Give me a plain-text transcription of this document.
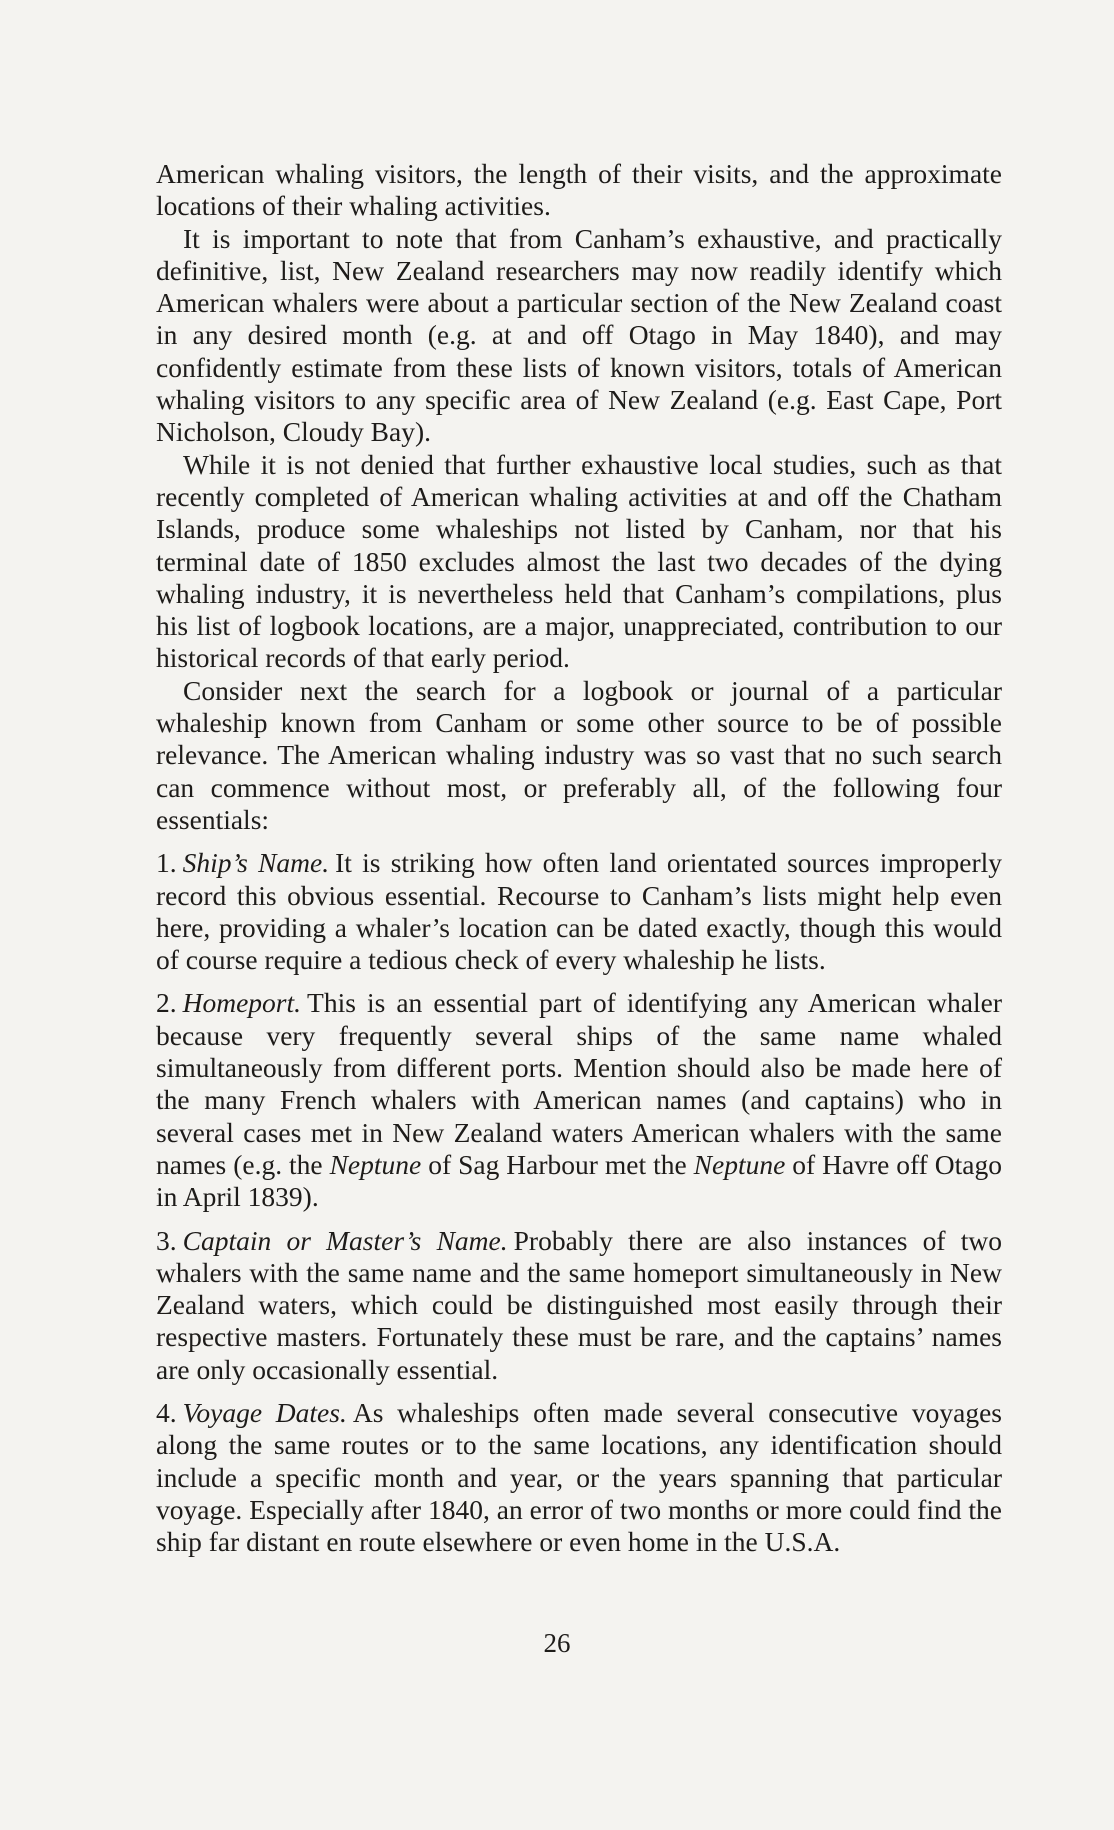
American whaling visitors, the length of their visits, and the approximate locations of their whaling activities.

It is important to note that from Canham’s exhaustive, and practically definitive, list, New Zealand researchers may now readily identify which American whalers were about a particular section of the New Zealand coast in any desired month (e.g. at and off Otago in May 1840), and may confidently estimate from these lists of known visitors, totals of American whaling visitors to any specific area of New Zealand (e.g. East Cape, Port Nicholson, Cloudy Bay).

While it is not denied that further exhaustive local studies, such as that recently completed of American whaling activities at and off the Chatham Islands, produce some whaleships not listed by Canham, nor that his terminal date of 1850 excludes almost the last two decades of the dying whaling industry, it is nevertheless held that Canham’s compilations, plus his list of logbook locations, are a major, unappreciated, contribution to our historical records of that early period.

Consider next the search for a logbook or journal of a particular whaleship known from Canham or some other source to be of possible relevance. The American whaling industry was so vast that no such search can commence without most, or preferably all, of the following four essentials:

1. Ship’s Name. It is striking how often land orientated sources improperly record this obvious essential. Recourse to Canham’s lists might help even here, providing a whaler’s location can be dated exactly, though this would of course require a tedious check of every whaleship he lists.

2. Homeport. This is an essential part of identifying any American whaler because very frequently several ships of the same name whaled simultaneously from different ports. Mention should also be made here of the many French whalers with American names (and captains) who in several cases met in New Zealand waters American whalers with the same names (e.g. the Neptune of Sag Harbour met the Neptune of Havre off Otago in April 1839).

3. Captain or Master’s Name. Probably there are also instances of two whalers with the same name and the same homeport simultaneously in New Zealand waters, which could be distinguished most easily through their respective masters. Fortunately these must be rare, and the captains’ names are only occasionally essential.

4. Voyage Dates. As whaleships often made several consecutive voyages along the same routes or to the same locations, any identification should include a specific month and year, or the years spanning that particular voyage. Especially after 1840, an error of two months or more could find the ship far distant en route elsewhere or even home in the U.S.A.

26
